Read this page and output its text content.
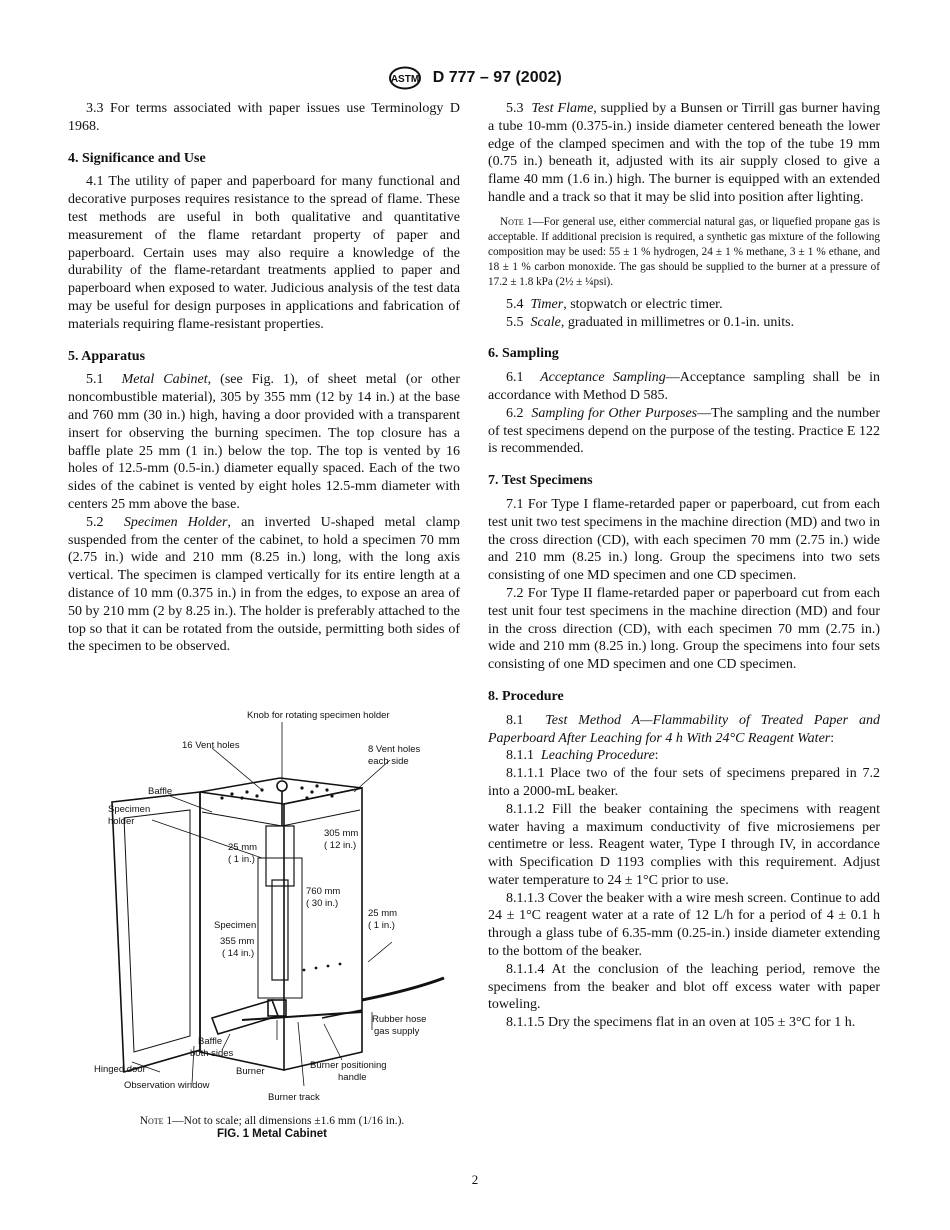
ASTM D 777 – 97 (2002)

3.3 For terms associated with paper issues use Terminology D 1968.

4. Significance and Use

4.1 The utility of paper and paperboard for many functional and decorative purposes requires resistance to the spread of flame. These test methods are useful in both qualitative and quantitative measurement of the flame retardant property of paper and paperboard. Certain uses may also require a knowledge of the durability of the flame-retardant treatments applied to paper and paperboard when exposed to water. Judicious analysis of the test data may be useful for design purposes in applications and fabrication of materials requiring flame-resistant properties.

5. Apparatus

5.1 Metal Cabinet, (see Fig. 1), of sheet metal (or other noncombustible material), 305 by 355 mm (12 by 14 in.) at the base and 760 mm (30 in.) high, having a door provided with a transparent insert for observing the burning specimen. The top closure has a baffle plate 25 mm (1 in.) below the top. The top is vented by 16 holes of 12.5-mm (0.5-in.) diameter equally spaced. Each of the two sides of the cabinet is vented by eight holes 12.5-mm diameter with centers 25 mm above the base.

5.2 Specimen Holder, an inverted U-shaped metal clamp suspended from the center of the cabinet, to hold a specimen 70 mm (2.75 in.) wide and 210 mm (8.25 in.) long, with the long axis vertical. The specimen is clamped vertically for its entire length at a distance of 10 mm (0.375 in.) in from the edges, to expose an area of 50 by 210 mm (2 by 8.25 in.). The holder is preferably attached to the top so that it can be rotated from the outside, permitting both sides of the specimen to be observed.

Knob for rotating specimen holder
16 Vent holes	8 Vent holes
each side
Baffle
Specimen
holder
25 mm
( 1 in.)
305 mm
( 12 in.)
760 mm
( 30 in.)
25 mm
( 1 in.)
Specimen
355 mm
( 14 in.)
Rubber hose
gas supply
Baffle
both sides
Hinged door	Burner
Burner positioning
handle
Observation window
Burner track
Note 1—Not to scale; all dimensions ±1.6 mm (1/16 in.).
FIG. 1 Metal Cabinet

5.3 Test Flame, supplied by a Bunsen or Tirrill gas burner having a tube 10-mm (0.375-in.) inside diameter centered beneath the lower edge of the clamped specimen and with the top of the tube 19 mm (0.75 in.) beneath it, adjusted with its air supply closed to give a flame 40 mm (1.6 in.) high. The burner is equipped with an extended handle and a track so that it may be slid into position after lighting.

Note 1—For general use, either commercial natural gas, or liquefied propane gas is acceptable. If additional precision is required, a synthetic gas mixture of the following composition may be used: 55 ± 1 % hydrogen, 24 ± 1 % methane, 3 ± 1 % ethane, and 18 ± 1 % carbon monoxide. The gas should be supplied to the burner at a pressure of 17.2 ± 1.8 kPa (2½ ± ¼psi).

5.4 Timer, stopwatch or electric timer.

5.5 Scale, graduated in millimetres or 0.1-in. units.

6. Sampling

6.1 Acceptance Sampling—Acceptance sampling shall be in accordance with Method D 585.

6.2 Sampling for Other Purposes—The sampling and the number of test specimens depend on the purpose of the testing. Practice E 122 is recommended.

7. Test Specimens

7.1 For Type I flame-retarded paper or paperboard, cut from each test unit two test specimens in the machine direction (MD) and two in the cross direction (CD), with each specimen 70 mm (2.75 in.) wide and 210 mm (8.25 in.) long. Group the specimens into two sets consisting of one MD specimen and one CD specimen.

7.2 For Type II flame-retarded paper or paperboard cut from each test unit four test specimens in the machine direction (MD) and four in the cross direction (CD), with each specimen 70 mm (2.75 in.) wide and 210 mm (8.25 in.) long. Group the specimens into four sets consisting of one MD specimen and one CD specimen.

8. Procedure

8.1 Test Method A—Flammability of Treated Paper and Paperboard After Leaching for 4 h With 24°C Reagent Water:

8.1.1 Leaching Procedure:

8.1.1.1 Place two of the four sets of specimens prepared in 7.2 into a 2000-mL beaker.

8.1.1.2 Fill the beaker containing the specimens with reagent water having a maximum conductivity of five microsiemens per centimetre or less. Reagent water, Type I through IV, in accordance with Specification D 1193 complies with this requirement. Adjust water temperature to 24 ± 1°C prior to use.

8.1.1.3 Cover the beaker with a wire mesh screen. Continue to add 24 ± 1°C reagent water at a rate of 12 L/h for a period of 4 ± 0.1 h through a glass tube of 6.35-mm (0.25-in.) inside diameter extending to the bottom of the beaker.

8.1.1.4 At the conclusion of the leaching period, remove the specimens from the beaker and blot off excess water with paper toweling.

8.1.1.5 Dry the specimens flat in an oven at 105 ± 3°C for 1 h.

2
